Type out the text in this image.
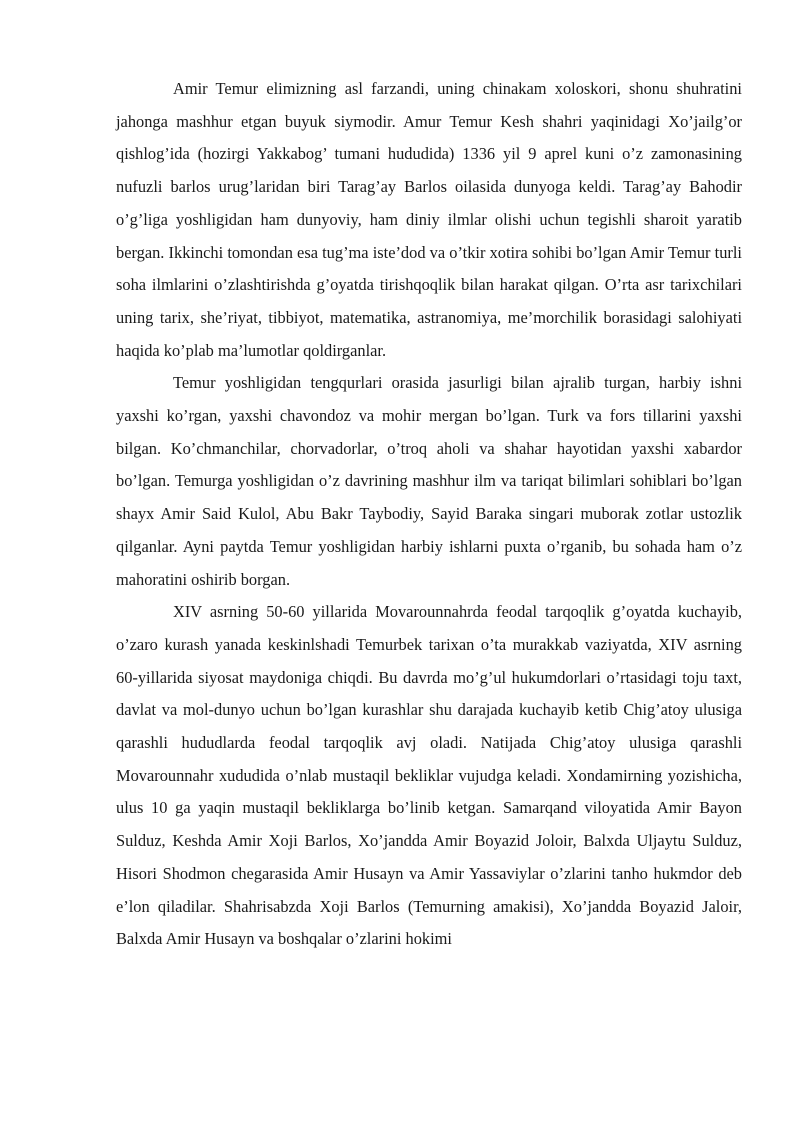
Amir Temur elimizning asl farzandi, uning chinakam xoloskori, shonu shuhratini jahonga mashhur etgan buyuk siymodir. Amur Temur Kesh shahri yaqinidagi Xo’jailg’or qishlog’ida (hozirgi Yakkabog’ tumani hududida) 1336 yil 9 aprel kuni o’z zamonasining nufuzli barlos urug’laridan biri Tarag’ay Barlos oilasida dunyoga keldi. Tarag’ay Bahodir o’g’liga yoshligidan ham dunyoviy, ham diniy ilmlar olishi uchun tegishli sharoit yaratib bergan. Ikkinchi tomondan esa tug’ma iste’dod va o’tkir xotira sohibi bo’lgan Amir Temur turli soha ilmlarini o’zlashtirishda g’oyatda tirishqoqlik bilan harakat qilgan. O’rta asr tarixchilari uning tarix, she’riyat, tibbiyot, matematika, astranomiya, me’morchilik borasidagi salohiyati haqida ko’plab ma’lumotlar qoldirganlar.

Temur yoshligidan tengqurlari orasida jasurligi bilan ajralib turgan, harbiy ishni yaxshi ko’rgan, yaxshi chavondoz va mohir mergan bo’lgan. Turk va fors tillarini yaxshi bilgan. Ko’chmanchilar, chorvadorlar, o’troq aholi va shahar hayotidan yaxshi xabardor bo’lgan. Temurga yoshligidan o’z davrining mashhur ilm va tariqat bilimlari sohiblari bo’lgan shayx Amir Said Kulol, Abu Bakr Taybodiy, Sayid Baraka singari muborak zotlar ustozlik qilganlar. Ayni paytda Temur yoshligidan harbiy ishlarni puxta o’rganib, bu sohada ham o’z mahoratini oshirib borgan.

XIV asrning 50-60 yillarida Movarounnahrda feodal tarqoqlik g’oyatda kuchayib, o’zaro kurash yanada keskinlshadi Temurbek tarixan o’ta murakkab vaziyatda, XIV asrning 60-yillarida siyosat maydoniga chiqdi. Bu davrda mo’g’ul hukumdorlari o’rtasidagi toju taxt, davlat va mol-dunyo uchun bo’lgan kurashlar shu darajada kuchayib ketib Chig’atoy ulusiga qarashli hududlarda feodal tarqoqlik avj oladi. Natijada Chig’atoy ulusiga qarashli Movarounnahr xududida o’nlab mustaqil bekliklar vujudga keladi. Xondamirning yozishicha, ulus 10 ga yaqin mustaqil bekliklarga bo’linib ketgan. Samarqand viloyatida Amir Bayon Sulduz, Keshda Amir Xoji Barlos, Xo’jandda Amir Boyazid Joloir, Balxda Uljaytu Sulduz, Hisori Shodmon chegarasida Amir Husayn va Amir Yassaviylar o’zlarini tanho hukmdor deb e’lon qiladilar. Shahrisabzda Xoji Barlos (Temurning amakisi), Xo’jandda Boyazid Jaloir, Balxda Amir Husayn va boshqalar o’zlarini hokimi
